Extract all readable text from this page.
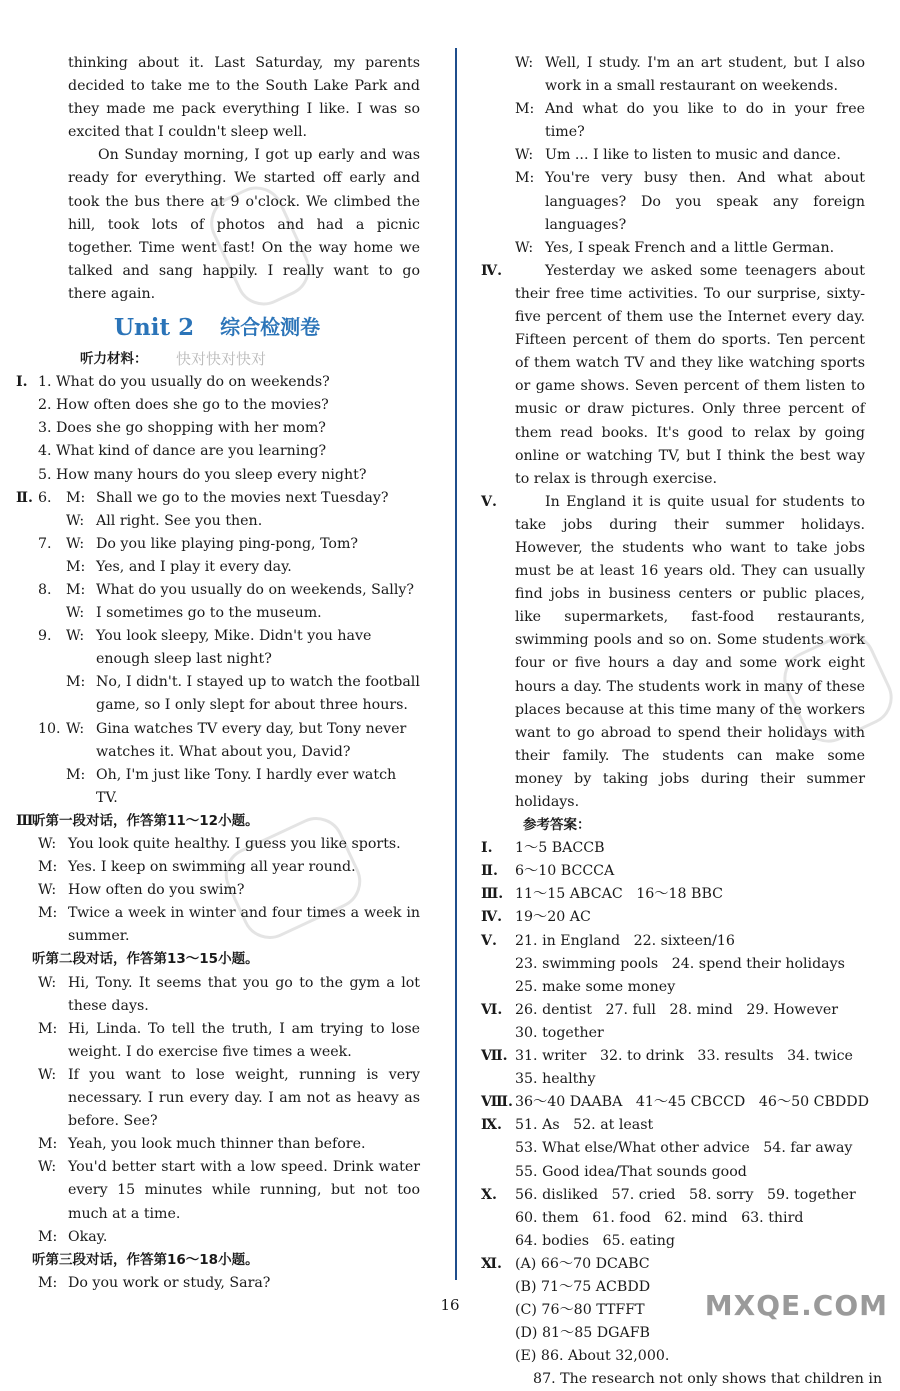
thinking about it. Last Saturday, my parents decided to take me to the South Lake Park and they made me pack everything I like. I was so excited that I couldn't sleep well.

On Sunday morning, I got up early and was ready for everything. We started off early and took the bus there at 9 o'clock. We climbed the hill, took lots of photos and had a picnic together. Time went fast! On the way home we talked and sang happily. I really want to go there again.

Unit 2 综合检测卷
听力材料：	快对快对快对
Ⅰ. 1. What do you usually do on weekends?
2. How often does she go to the movies?
3. Does she go shopping with her mom?
4. What kind of dance are you learning?
5. How many hours do you sleep every night?
Ⅱ. 6. M: Shall we go to the movies next Tuesday?
W: All right. See you then.
7. W: Do you like playing ping-pong, Tom?
M: Yes, and I play it every day.
8. M: What do you usually do on weekends, Sally?
W: I sometimes go to the museum.
9. W: You look sleepy, Mike. Didn't you have enough sleep last night?
M: No, I didn't. I stayed up to watch the football game, so I only slept for about three hours.
10. W: Gina watches TV every day, but Tony never watches it. What about you, David?
M: Oh, I'm just like Tony. I hardly ever watch TV.
Ⅲ.
听第一段对话，作答第11～12小题。
W: You look quite healthy. I guess you like sports.
M: Yes. I keep on swimming all year round.
W: How often do you swim?
M: Twice a week in winter and four times a week in summer.
听第二段对话，作答第13～15小题。
W: Hi, Tony. It seems that you go to the gym a lot these days.
M: Hi, Linda. To tell the truth, I am trying to lose weight. I do exercise five times a week.
W: If you want to lose weight, running is very necessary. I run every day. I am not as heavy as before. See?
M: Yeah, you look much thinner than before.
W: You'd better start with a low speed. Drink water every 15 minutes while running, but not too much at a time.
M: Okay.
听第三段对话，作答第16～18小题。
M: Do you work or study, Sara?
W: Well, I study. I'm an art student, but I also work in a small restaurant on weekends.
M: And what do you like to do in your free time?
W: Um ... I like to listen to music and dance.
M: You're very busy then. And what about languages? Do you speak any foreign languages?
W: Yes, I speak French and a little German.
Ⅳ.	Yesterday we asked some teenagers about their free time activities. To our surprise, sixty-five percent of them use the Internet every day. Fifteen percent of them do sports. Ten percent of them watch TV and they like watching sports or game shows. Seven percent of them listen to music or draw pictures. Only three percent of them read books. It's good to relax by going online or watching TV, but I think the best way to relax is through exercise.

Ⅴ.	In England it is quite usual for students to take jobs during their summer holidays. However, the students who want to take jobs must be at least 16 years old. They can usually find jobs in business centers or public places, like supermarkets, fast-food restaurants, swimming pools and so on. Some students work four or five hours a day and some work eight hours a day. The students work in many of these places because at this time many of the workers want to go abroad to spend their holidays with their family. The students can make some money by taking jobs during their summer holidays.

参考答案：
Ⅰ. 1～5 BACCB
Ⅱ. 6～10 BCCCA
Ⅲ. 11～15 ABCAC   16～18 BBC
Ⅳ. 19～20 AC
Ⅴ. 21. in England   22. sixteen/16
23. swimming pools   24. spend their holidays
25. make some money
Ⅵ. 26. dentist   27. full   28. mind   29. However
30. together
Ⅶ. 31. writer   32. to drink   33. results   34. twice
35. healthy
Ⅷ. 36～40 DAABA   41～45 CBCCD   46～50 CBDDD
Ⅸ. 51. As   52. at least
53. What else/What other advice   54. far away
55. Good idea/That sounds good
Ⅹ. 56. disliked   57. cried   58. sorry   59. together
60. them   61. food   62. mind   63. third
64. bodies   65. eating
Ⅺ. (A) 66～70 DCABC
(B) 71～75 ACBDD
(C) 76～80 TTFFT
(D) 81～85 DGAFB
(E) 86. About 32,000.
87. The research not only shows that children in
16	MXQE.COM
